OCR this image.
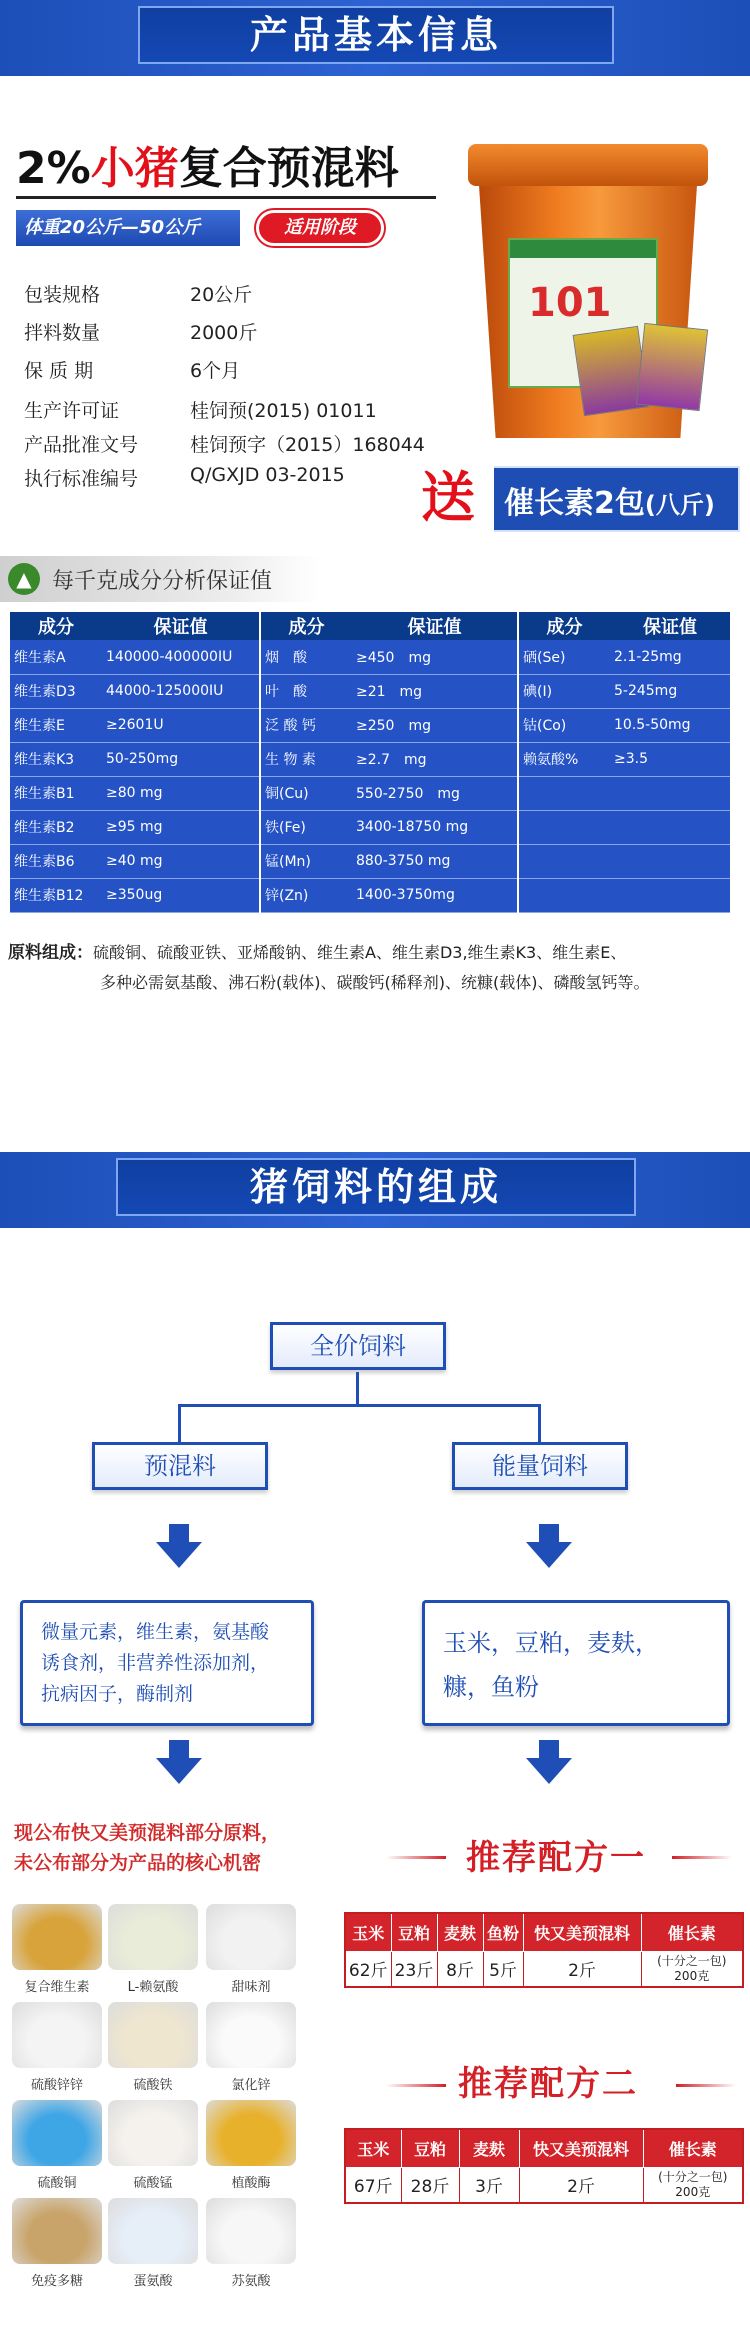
产品基本信息
2%小猪复合预混料
体重20公斤—50公斤	适用阶段
包装规格	20公斤
拌料数量	2000斤
保 质 期	6个月
生产许可证	桂饲预(2015) 01011
产品批准文号	桂饲预字（2015）168044
执行标准编号	Q/GXJD 03-2015
101
送 催长素2包(八斤)
▲ 每千克成分分析保证值
成分	保证值	成分	保证值	成分	保证值
维生素A	140000-400000IU	烟　酸	≥450　mg	硒(Se)	2.1-25mg
维生素D3	44000-125000IU	叶　酸	≥21　mg	碘(I)	5-245mg
维生素E	≥2601U	泛 酸 钙	≥250　mg	钴(Co)	10.5-50mg
维生素K3	50-250mg	生 物 素	≥2.7　mg	赖氨酸%	≥3.5
维生素B1	≥80 mg	铜(Cu)	550-2750　mg		
维生素B2	≥95 mg	铁(Fe)	3400-18750 mg		
维生素B6	≥40 mg	锰(Mn)	880-3750 mg		
维生素B12	≥350ug	锌(Zn)	1400-3750mg		
原料组成：硫酸铜、硫酸亚铁、亚烯酸钠、维生素A、维生素D3,维生素K3、维生素E、
多种必需氨基酸、沸石粉(载体)、碳酸钙(稀释剂)、统糠(载体)、磷酸氢钙等。
猪饲料的组成
全价饲料
预混料	能量饲料
微量元素，维生素，氨基酸
诱食剂，非营养性添加剂，
抗病因子，酶制剂
玉米，豆粕，麦麸，
糠，鱼粉
现公布快又美预混料部分原料，
未公布部分为产品的核心机密
复合维生素	L-赖氨酸	甜味剂
硫酸锌锌	硫酸铁	氯化锌
硫酸铜	硫酸锰	植酸酶
免疫多糖	蛋氨酸	苏氨酸
推荐配方一
玉米	豆粕	麦麸	鱼粉	快又美预混料	催长素
62斤	23斤	8斤	5斤	2斤	(十分之一包)
200克
推荐配方二
玉米	豆粕	麦麸	快又美预混料	催长素
67斤	28斤	3斤	2斤	(十分之一包)
200克
